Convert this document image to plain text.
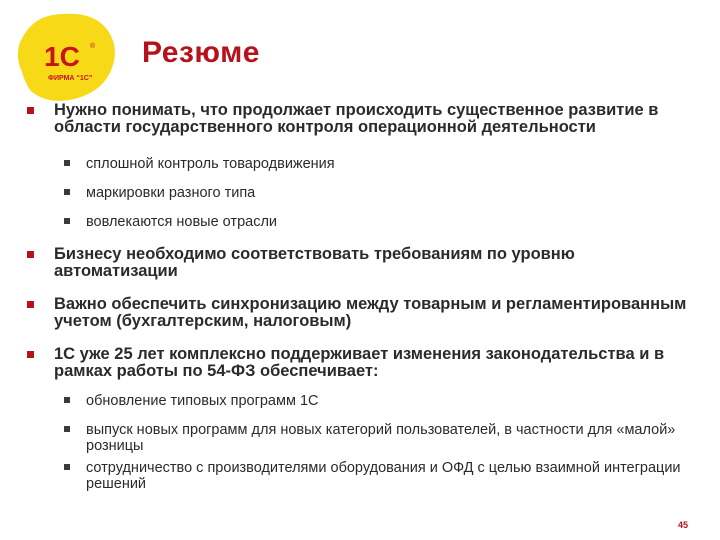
1С ®
ФИРМА “1С”
Резюме
Нужно понимать, что продолжает происходить существенное развитие в области государственного контроля операционной деятельности
сплошной контроль товародвижения
маркировки разного типа
вовлекаются новые отрасли
Бизнесу необходимо соответствовать требованиям по уровню автоматизации
Важно обеспечить синхронизацию между товарным и регламентированным учетом (бухгалтерским, налоговым)
1С уже 25 лет комплексно поддерживает изменения законодательства и в рамках работы по 54-ФЗ обеспечивает:
обновление типовых программ 1С
выпуск новых программ для новых категорий пользователей, в частности для «малой» розницы
сотрудничество с производителями оборудования и ОФД с целью взаимной интеграции решений
45
